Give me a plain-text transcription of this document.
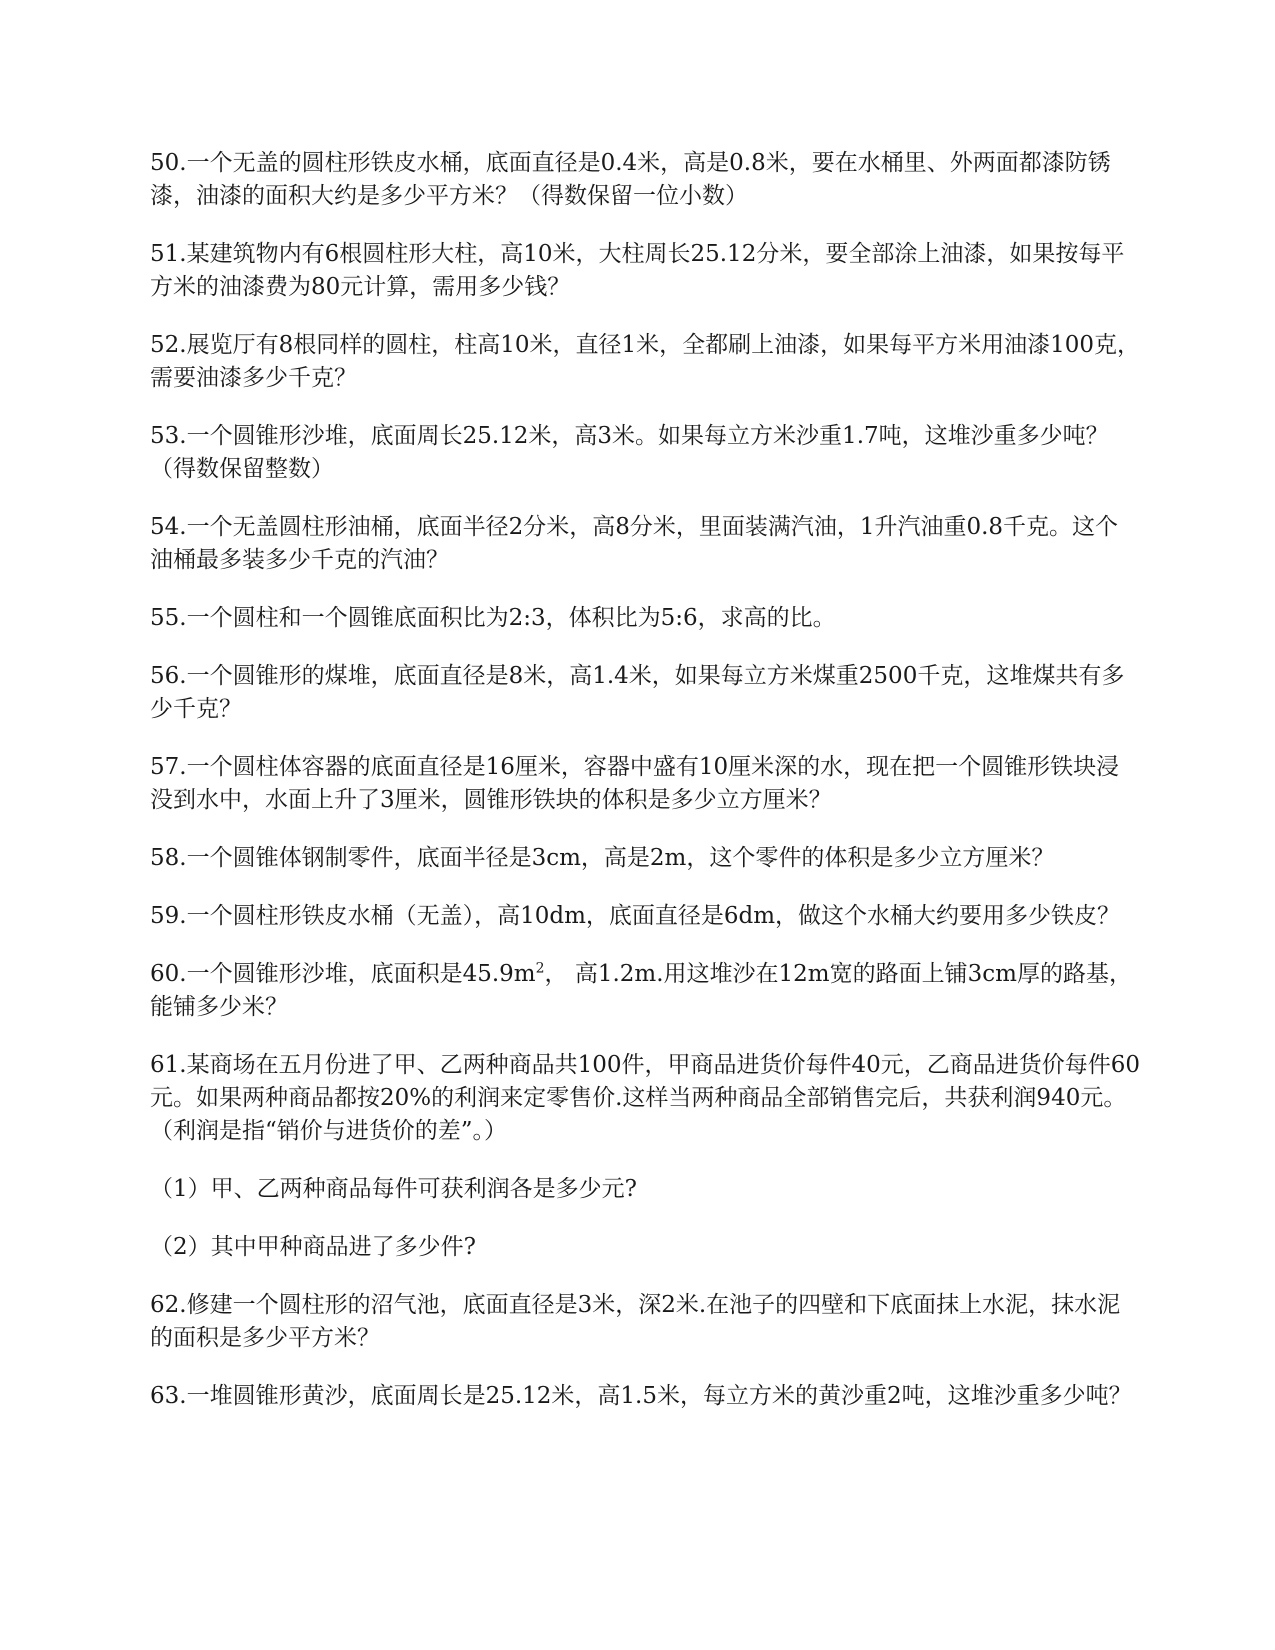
50.一个无盖的圆柱形铁皮水桶，底面直径是0.4米，高是0.8米，要在水桶里、外两面都漆防锈漆，油漆的面积大约是多少平方米？（得数保留一位小数）

51.某建筑物内有6根圆柱形大柱，高10米，大柱周长25.12分米，要全部涂上油漆，如果按每平方米的油漆费为80元计算，需用多少钱？

52.展览厅有8根同样的圆柱，柱高10米，直径1米，全都刷上油漆，如果每平方米用油漆100克，需要油漆多少千克？

53.一个圆锥形沙堆，底面周长25.12米，高3米。如果每立方米沙重1.7吨，这堆沙重多少吨？（得数保留整数）

54.一个无盖圆柱形油桶，底面半径2分米，高8分米，里面装满汽油，1升汽油重0.8千克。这个油桶最多装多少千克的汽油？

55.一个圆柱和一个圆锥底面积比为2:3，体积比为5:6，求高的比。

56.一个圆锥形的煤堆，底面直径是8米，高1.4米，如果每立方米煤重2500千克，这堆煤共有多少千克？

57.一个圆柱体容器的底面直径是16厘米，容器中盛有10厘米深的水，现在把一个圆锥形铁块浸没到水中，水面上升了3厘米，圆锥形铁块的体积是多少立方厘米？

58.一个圆锥体钢制零件，底面半径是3cm，高是2m，这个零件的体积是多少立方厘米？

59.一个圆柱形铁皮水桶（无盖），高10dm，底面直径是6dm，做这个水桶大约要用多少铁皮？

60.一个圆锥形沙堆，底面积是$45.9m^2$， 高1.2m.用这堆沙在12m宽的路面上铺3cm厚的路基，能铺多少米？

61.某商场在五月份进了甲、乙两种商品共100件，甲商品进货价每件40元，乙商品进货价每件60元。如果两种商品都按20%的利润来定零售价.这样当两种商品全部销售完后，共获利润940元。（利润是指“销价与进货价的差”。）

（1）甲、乙两种商品每件可获利润各是多少元?

（2）其中甲种商品进了多少件?

62.修建一个圆柱形的沼气池，底面直径是3米，深2米.在池子的四壁和下底面抹上水泥，抹水泥的面积是多少平方米？

63.一堆圆锥形黄沙，底面周长是25.12米，高1.5米，每立方米的黄沙重2吨，这堆沙重多少吨？
